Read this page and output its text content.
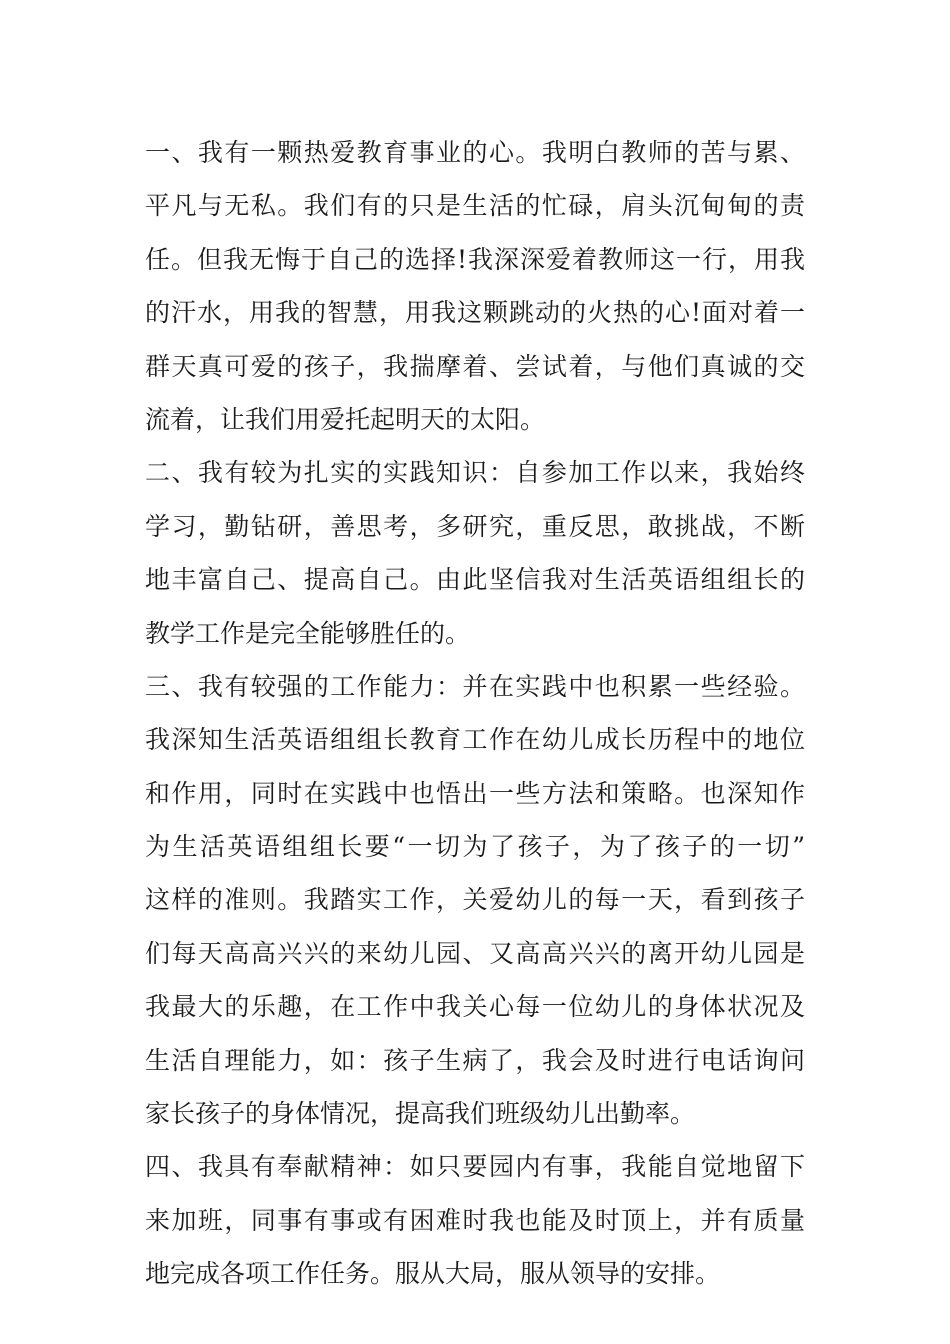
一、我有一颗热爱教育事业的心。我明白教师的苦与累、
平凡与无私。我们有的只是生活的忙碌，肩头沉甸甸的责
任。但我无悔于自己的选择!我深深爱着教师这一行，用我
的汗水，用我的智慧，用我这颗跳动的火热的心!面对着一
群天真可爱的孩子，我揣摩着、尝试着，与他们真诚的交
流着，让我们用爱托起明天的太阳。
二、我有较为扎实的实践知识：自参加工作以来，我始终
学习，勤钻研，善思考，多研究，重反思，敢挑战，不断
地丰富自己、提高自己。由此坚信我对生活英语组组长的
教学工作是完全能够胜任的。
三、我有较强的工作能力：并在实践中也积累一些经验。
我深知生活英语组组长教育工作在幼儿成长历程中的地位
和作用，同时在实践中也悟出一些方法和策略。也深知作
为生活英语组组长要“一切为了孩子，为了孩子的一切”
这样的准则。我踏实工作，关爱幼儿的每一天，看到孩子
们每天高高兴兴的来幼儿园、又高高兴兴的离开幼儿园是
我最大的乐趣，在工作中我关心每一位幼儿的身体状况及
生活自理能力，如：孩子生病了，我会及时进行电话询问
家长孩子的身体情况，提高我们班级幼儿出勤率。
四、我具有奉献精神：如只要园内有事，我能自觉地留下
来加班，同事有事或有困难时我也能及时顶上，并有质量
地完成各项工作任务。服从大局，服从领导的安排。
